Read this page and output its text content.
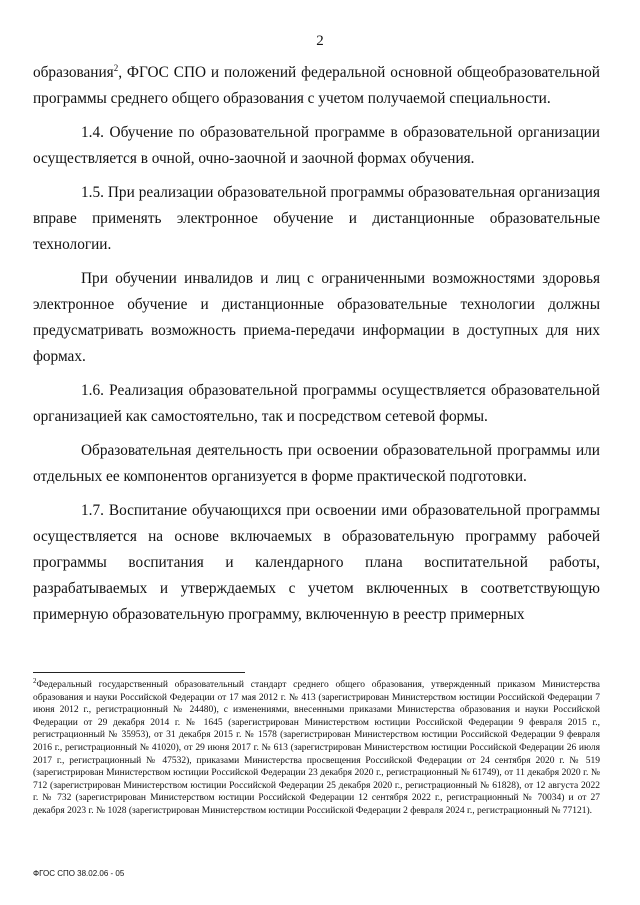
2

образования$^2$, ФГОС СПО и положений федеральной основной общеобразовательной программы среднего общего образования с учетом получаемой специальности.

1.4. Обучение по образовательной программе в образовательной организации осуществляется в очной, очно-заочной и заочной формах обучения.

1.5. При реализации образовательной программы образовательная организация вправе применять электронное обучение и дистанционные образовательные технологии.

При обучении инвалидов и лиц с ограниченными возможностями здоровья электронное обучение и дистанционные образовательные технологии должны предусматривать возможность приема-передачи информации в доступных для них формах.

1.6. Реализация образовательной программы осуществляется образовательной организацией как самостоятельно, так и посредством сетевой формы.

Образовательная деятельность при освоении образовательной программы или отдельных ее компонентов организуется в форме практической подготовки.

1.7. Воспитание обучающихся при освоении ими образовательной программы осуществляется на основе включаемых в образовательную программу рабочей программы воспитания и календарного плана воспитательной работы, разрабатываемых и утверждаемых с учетом включенных в соответствующую примерную образовательную программу, включенную в реестр примерных

$^2$Федеральный государственный образовательный стандарт среднего общего образования, утвержденный приказом Министерства образования и науки Российской Федерации от 17 мая 2012 г. № 413 (зарегистрирован Министерством юстиции Российской Федерации 7 июня 2012 г., регистрационный № 24480), с изменениями, внесенными приказами Министерства образования и науки Российской Федерации от 29 декабря 2014 г. № 1645 (зарегистрирован Министерством юстиции Российской Федерации 9 февраля 2015 г., регистрационный № 35953), от 31 декабря 2015 г. № 1578 (зарегистрирован Министерством юстиции Российской Федерации 9 февраля 2016 г., регистрационный № 41020), от 29 июня 2017 г. № 613 (зарегистрирован Министерством юстиции Российской Федерации 26 июля 2017 г., регистрационный № 47532), приказами Министерства просвещения Российской Федерации от 24 сентября 2020 г. № 519 (зарегистрирован Министерством юстиции Российской Федерации 23 декабря 2020 г., регистрационный № 61749), от 11 декабря 2020 г. № 712 (зарегистрирован Министерством юстиции Российской Федерации 25 декабря 2020 г., регистрационный № 61828), от 12 августа 2022 г. № 732 (зарегистрирован Министерством юстиции Российской Федерации 12 сентября 2022 г., регистрационный № 70034) и от 27 декабря 2023 г. № 1028 (зарегистрирован Министерством юстиции Российской Федерации 2 февраля 2024 г., регистрационный № 77121).
ФГОС СПО 38.02.06 - 05
